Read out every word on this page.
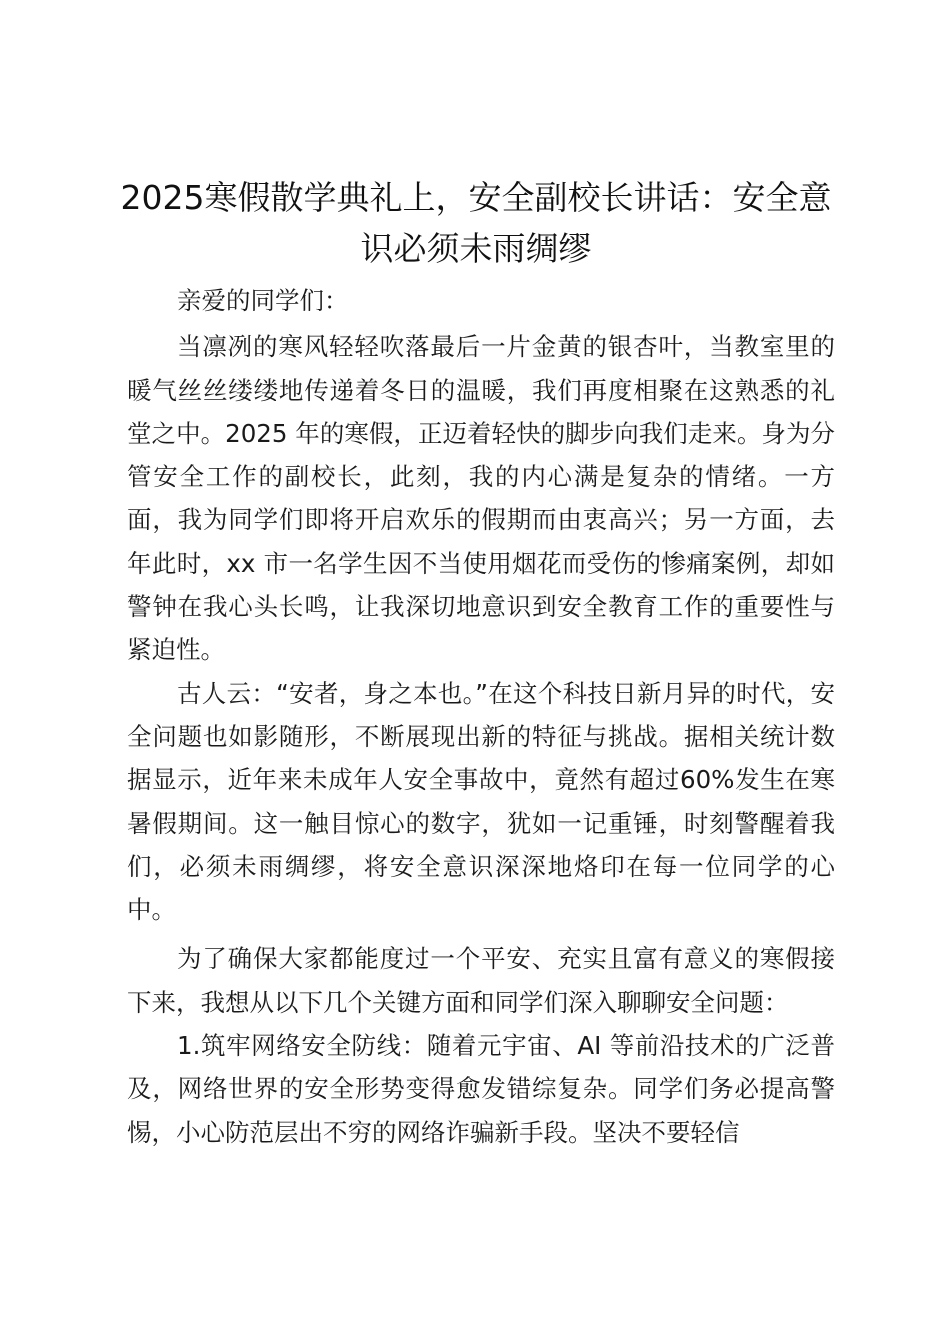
2025寒假散学典礼上，安全副校长讲话：安全意识必须未雨绸缪

亲爱的同学们：

当凛冽的寒风轻轻吹落最后一片金黄的银杏叶，当教室里的暖气丝丝缕缕地传递着冬日的温暖，我们再度相聚在这熟悉的礼堂之中。2025 年的寒假，正迈着轻快的脚步向我们走来。身为分管安全工作的副校长，此刻，我的内心满是复杂的情绪。一方面，我为同学们即将开启欢乐的假期而由衷高兴；另一方面，去年此时，xx 市一名学生因不当使用烟花而受伤的惨痛案例，却如警钟在我心头长鸣，让我深切地意识到安全教育工作的重要性与紧迫性。

古人云：“安者，身之本也。”在这个科技日新月异的时代，安全问题也如影随形，不断展现出新的特征与挑战。据相关统计数据显示，近年来未成年人安全事故中，竟然有超过60%发生在寒暑假期间。这一触目惊心的数字，犹如一记重锤，时刻警醒着我们，必须未雨绸缪，将安全意识深深地烙印在每一位同学的心中。

为了确保大家都能度过一个平安、充实且富有意义的寒假接下来，我想从以下几个关键方面和同学们深入聊聊安全问题：

1.筑牢网络安全防线：随着元宇宙、AI 等前沿技术的广泛普及，网络世界的安全形势变得愈发错综复杂。同学们务必提高警惕，小心防范层出不穷的网络诈骗新手段。坚决不要轻信
